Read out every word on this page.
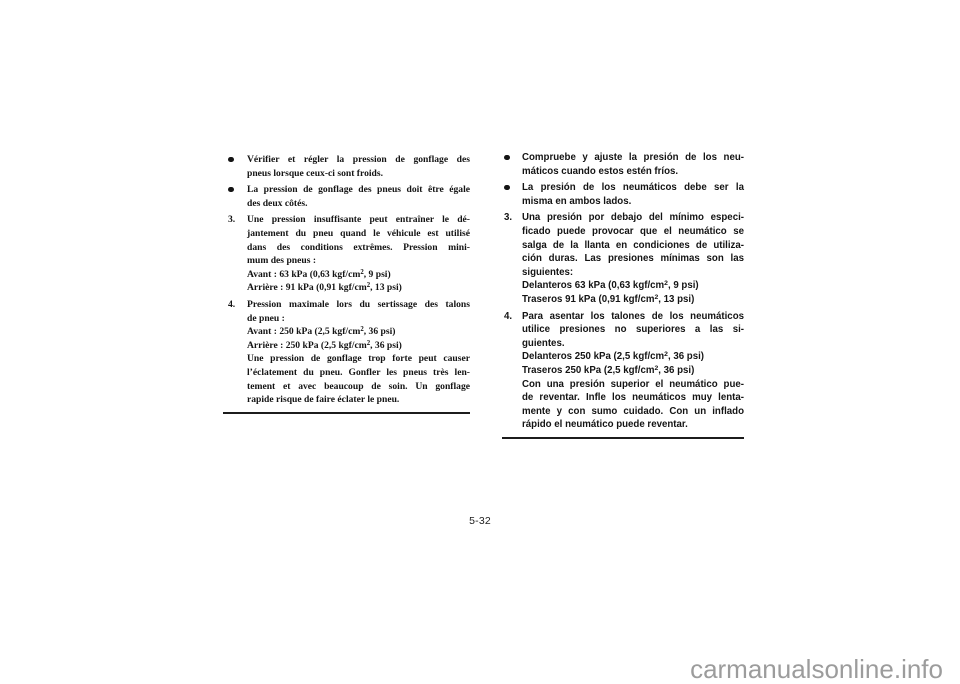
Vérifier et régler la pression de gonflage des
pneus lorsque ceux-ci sont froids.
La pression de gonflage des pneus doit être égale
des deux côtés.
3.	Une pression insuffisante peut entraîner le dé-
jantement du pneu quand le véhicule est utilisé
dans des conditions extrêmes. Pression mini-
mum des pneus :
Avant : 63 kPa (0,63 kgf/$cm^2$, 9 psi)
Arrière : 91 kPa (0,91 kgf/$cm^2$, 13 psi)
4.	Pression maximale lors du sertissage des talons
de pneu :
Avant : 250 kPa (2,5 kgf/$cm^2$, 36 psi)
Arrière : 250 kPa (2,5 kgf/$cm^2$, 36 psi)
Une pression de gonflage trop forte peut causer
l’éclatement du pneu. Gonfler les pneus très len-
tement et avec beaucoup de soin. Un gonflage
rapide risque de faire éclater le pneu.
Compruebe y ajuste la presión de los neu-
máticos cuando estos estén fríos.
La presión de los neumáticos debe ser la
misma en ambos lados.
3.	Una presión por debajo del mínimo especi-
ficado puede provocar que el neumático se
salga de la llanta en condiciones de utiliza-
ción duras. Las presiones mínimas son las
siguientes:
Delanteros 63 kPa (0,63 kgf/$cm^2$, 9 psi)
Traseros 91 kPa (0,91 kgf/$cm^2$, 13 psi)
4.	Para asentar los talones de los neumáticos
utilice presiones no superiores a las si-
guientes.
Delanteros 250 kPa (2,5 kgf/$cm^2$, 36 psi)
Traseros 250 kPa (2,5 kgf/$cm^2$, 36 psi)
Con una presión superior el neumático pue-
de reventar. Infle los neumáticos muy lenta-
mente y con sumo cuidado. Con un inflado
rápido el neumático puede reventar.
5-32
carmanualsonline.info
